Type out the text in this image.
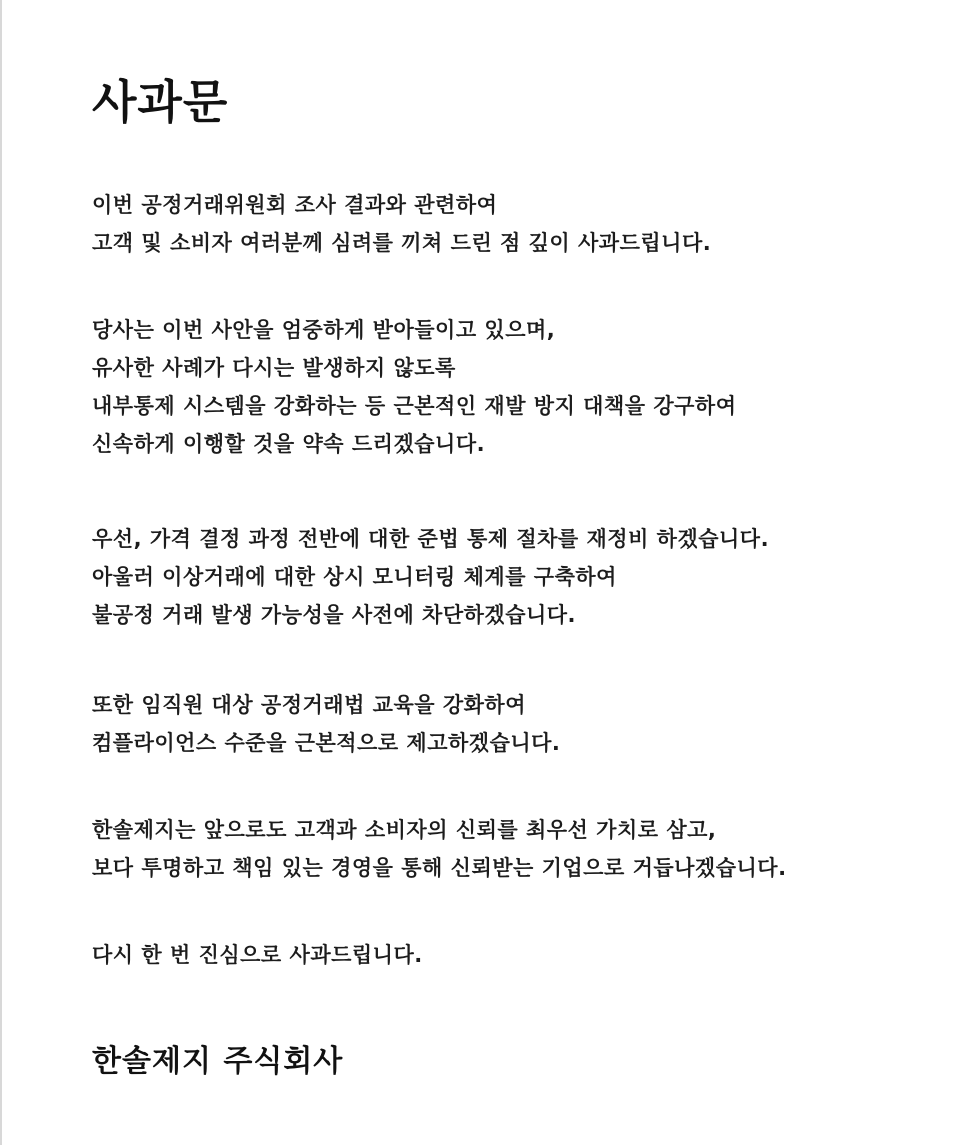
사과문
이번 공정거래위원회 조사 결과와 관련하여
고객 및 소비자 여러분께 심려를 끼쳐 드린 점 깊이 사과드립니다.
당사는 이번 사안을 엄중하게 받아들이고 있으며,
유사한 사례가 다시는 발생하지 않도록
내부통제 시스템을 강화하는 등 근본적인 재발 방지 대책을 강구하여
신속하게 이행할 것을 약속 드리겠습니다.
우선, 가격 결정 과정 전반에 대한 준법 통제 절차를 재정비 하겠습니다.
아울러 이상거래에 대한 상시 모니터링 체계를 구축하여
불공정 거래 발생 가능성을 사전에 차단하겠습니다.
또한 임직원 대상 공정거래법 교육을 강화하여
컴플라이언스 수준을 근본적으로 제고하겠습니다.
한솔제지는 앞으로도 고객과 소비자의 신뢰를 최우선 가치로 삼고,
보다 투명하고 책임 있는 경영을 통해 신뢰받는 기업으로 거듭나겠습니다.
다시 한 번 진심으로 사과드립니다.
한솔제지 주식회사
